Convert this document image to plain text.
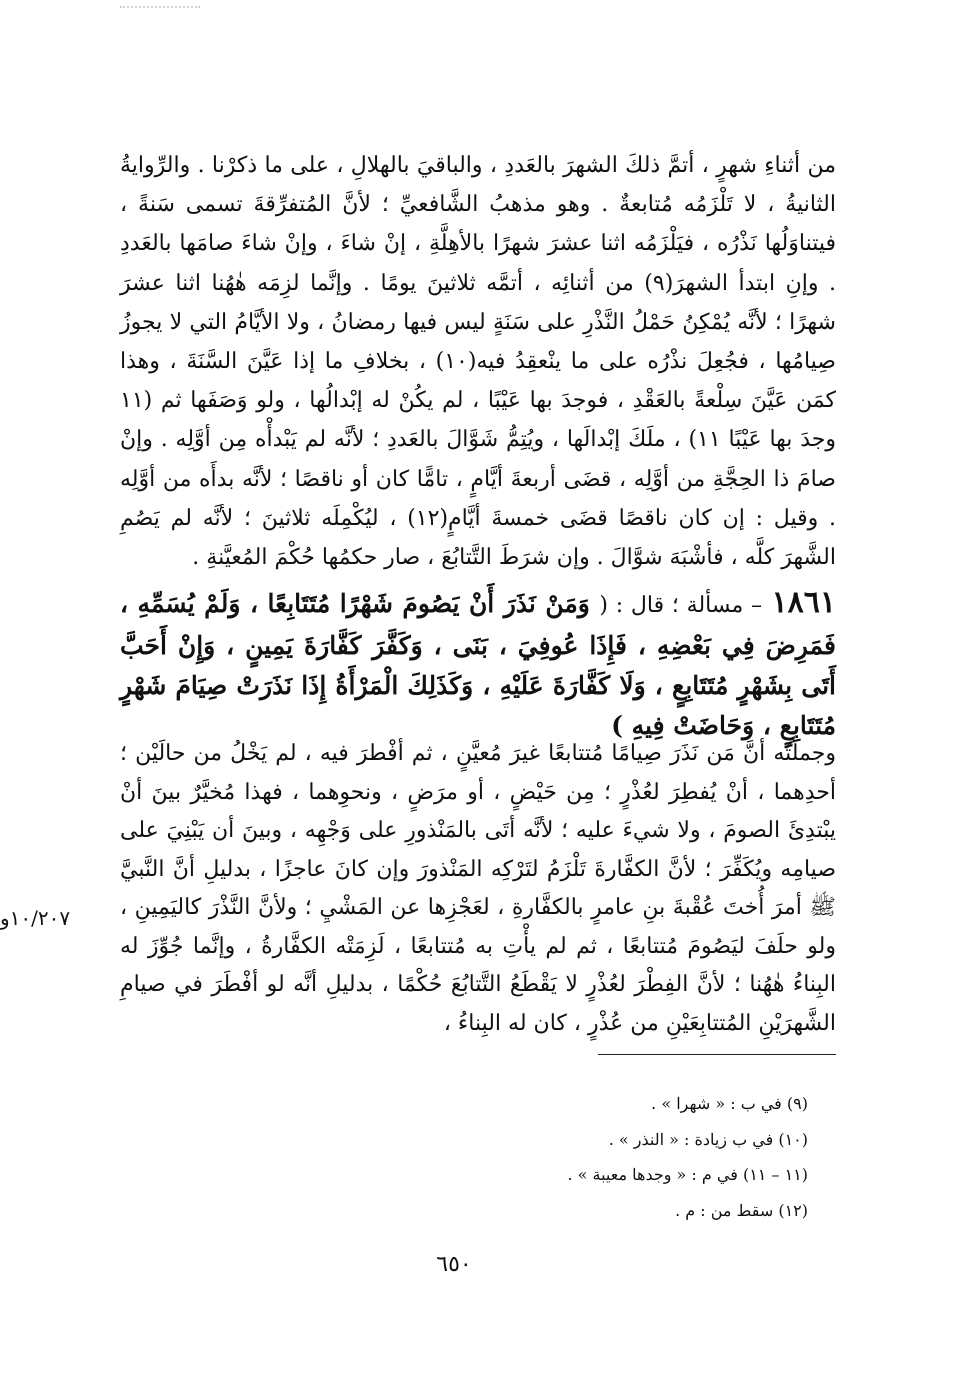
من أثناءِ شهرٍ ، أتمَّ ذلكَ الشهرَ بالعَددِ ، والباقيَ بالهلالِ ، على ما ذكرْنا . والرِّوايةُ الثانيةُ ، لا تَلْزَمُه مُتابعةٌ . وهو مذهبُ الشَّافعيِّ ؛ لأنَّ المُتفرِّقةَ تسمى سَنةً ، فيتناوَلُها نَذْرُه ، فيَلْزَمُه اثنا عشرَ شهرًا بالأهِلَّةِ ، إنْ شاءَ ، وإنْ شاءَ صامَها بالعَددِ . وإنِ ابتدأ الشهرَ(٩) من أثنائِه ، أتمَّه ثلاثينَ يومًا . وإنَّما لزِمَه هٰهُنا اثنا عشرَ شهرًا ؛ لأنَّه يُمْكِنُ حَمْلُ النَّذْرِ على سَنَةٍ ليس فيها رمضانُ ، ولا الأيَّامُ التي لا يجوزُ صِيامُها ، فجُعِلَ نذْرُه على ما ينْعقِدُ فيه(١٠) ، بخلافِ ما إذا عَيَّنَ السَّنَةَ ، وهذا كمَن عَيَّنَ سِلْعةً بالعَقْدِ ، فوجدَ بها عَيْبًا ، لم يكُنْ له إبْدالُها ، ولو وَصَفَها ثم (١١ وجدَ بها عَيْبًا ١١) ، ملَكَ إبْدالَها ، ويُتِمُّ شَوَّالَ بالعَددِ ؛ لأنَّه لم يَبْدأْه مِن أوَّلِه . وإنْ صامَ ذا الحِجَّةِ من أوَّلِه ، قضَى أربعةَ أيَّامٍ ، تامًّا كان أو ناقصًا ؛ لأنَّه بدأَه من أوَّلِه . وقيل : إن كان ناقصًا قضَى خمسةَ أيَّامٍ(١٢) ، ليُكْمِلَه ثلاثينَ ؛ لأنَّه لم يَصُمِ الشَّهرَ كلَّه ، فأشْبَهَ شوَّالَ . وإن شرَطَ التَّتابُعَ ، صار حكمُها حُكْمَ المُعيَّنةِ .
١٨٦١ – مسألة ؛ قال : ( وَمَنْ نَذَرَ أَنْ يَصُومَ شَهْرًا مُتَتَابِعًا ، وَلَمْ يُسَمِّهِ ، فَمَرِضَ فِي بَعْضِهِ ، فَإِذَا عُوفِيَ ، بَنَى ، وَكَفَّرَ كَفَّارَةَ يَمِينٍ ، وَإِنْ أَحَبَّ أَتَى بِشَهْرٍ مُتَتَابِعٍ ، وَلَا كَفَّارَةَ عَلَيْهِ ، وَكَذَلِكَ الْمَرْأَةُ إِذَا نَذَرَتْ صِيَامَ شَهْرٍ مُتَتَابِعٍ ، وَحَاضَتْ فِيهِ )
وجملتُه أنَّ مَن نَذَرَ صِيامًا مُتتابعًا غيرَ مُعيَّنٍ ، ثم أفْطرَ فيه ، لم يَخْلُ من حالَيْن ؛ أحدِهما ، أنْ يُفطِرَ لعُذْرٍ ؛ مِن حَيْضٍ ، أو مرَضٍ ، ونحوِهما ، فهذا مُخيَّرٌ بينَ أنْ يبْتدِئَ الصومَ ، ولا شيءَ عليه ؛ لأنَّه أتَى بالمَنْذورِ على وَجْهِه ، وبينَ أن يَبْنِيَ على صيامِه ويُكَفِّرَ ؛ لأنَّ الكفَّارةَ تَلْزَمُ لتَرْكِه المَنْذورَ وإن كانَ عاجزًا ، بدليلِ أنَّ النَّبيَّ ﷺ أمرَ أُختَ عُقْبةَ بنِ عامرٍ بالكفَّارةِ ، لعَجْزِها عن المَشْيِ ؛ ولأنَّ النَّذْرَ كاليَمِينِ ، ولو حلَفَ ليَصُومَ مُتتابعًا ، ثم لم يأْتِ به مُتتابعًا ، لَزِمَتْه الكفَّارةُ ، وإنَّما جُوِّزَ له البِناءُ هٰهُنا ؛ لأنَّ الفِطْرَ لعُذْرٍ لا يَقْطَعُ التَّتابُعَ حُكْمًا ، بدليلِ أنَّه لو أفْطَرَ في صيامِ الشَّهرَيْنِ المُتتابِعَيْنِ من عُذْرٍ ، كان له البِناءُ ،
١٠/٢٠٧و
(٩) في ب : « شهرا » .
(١٠) في ب زيادة : « النذر » .
(١١ – ١١) في م : « وجدها معيبة » .
(١٢) سقط من : م .
٦٥٠
